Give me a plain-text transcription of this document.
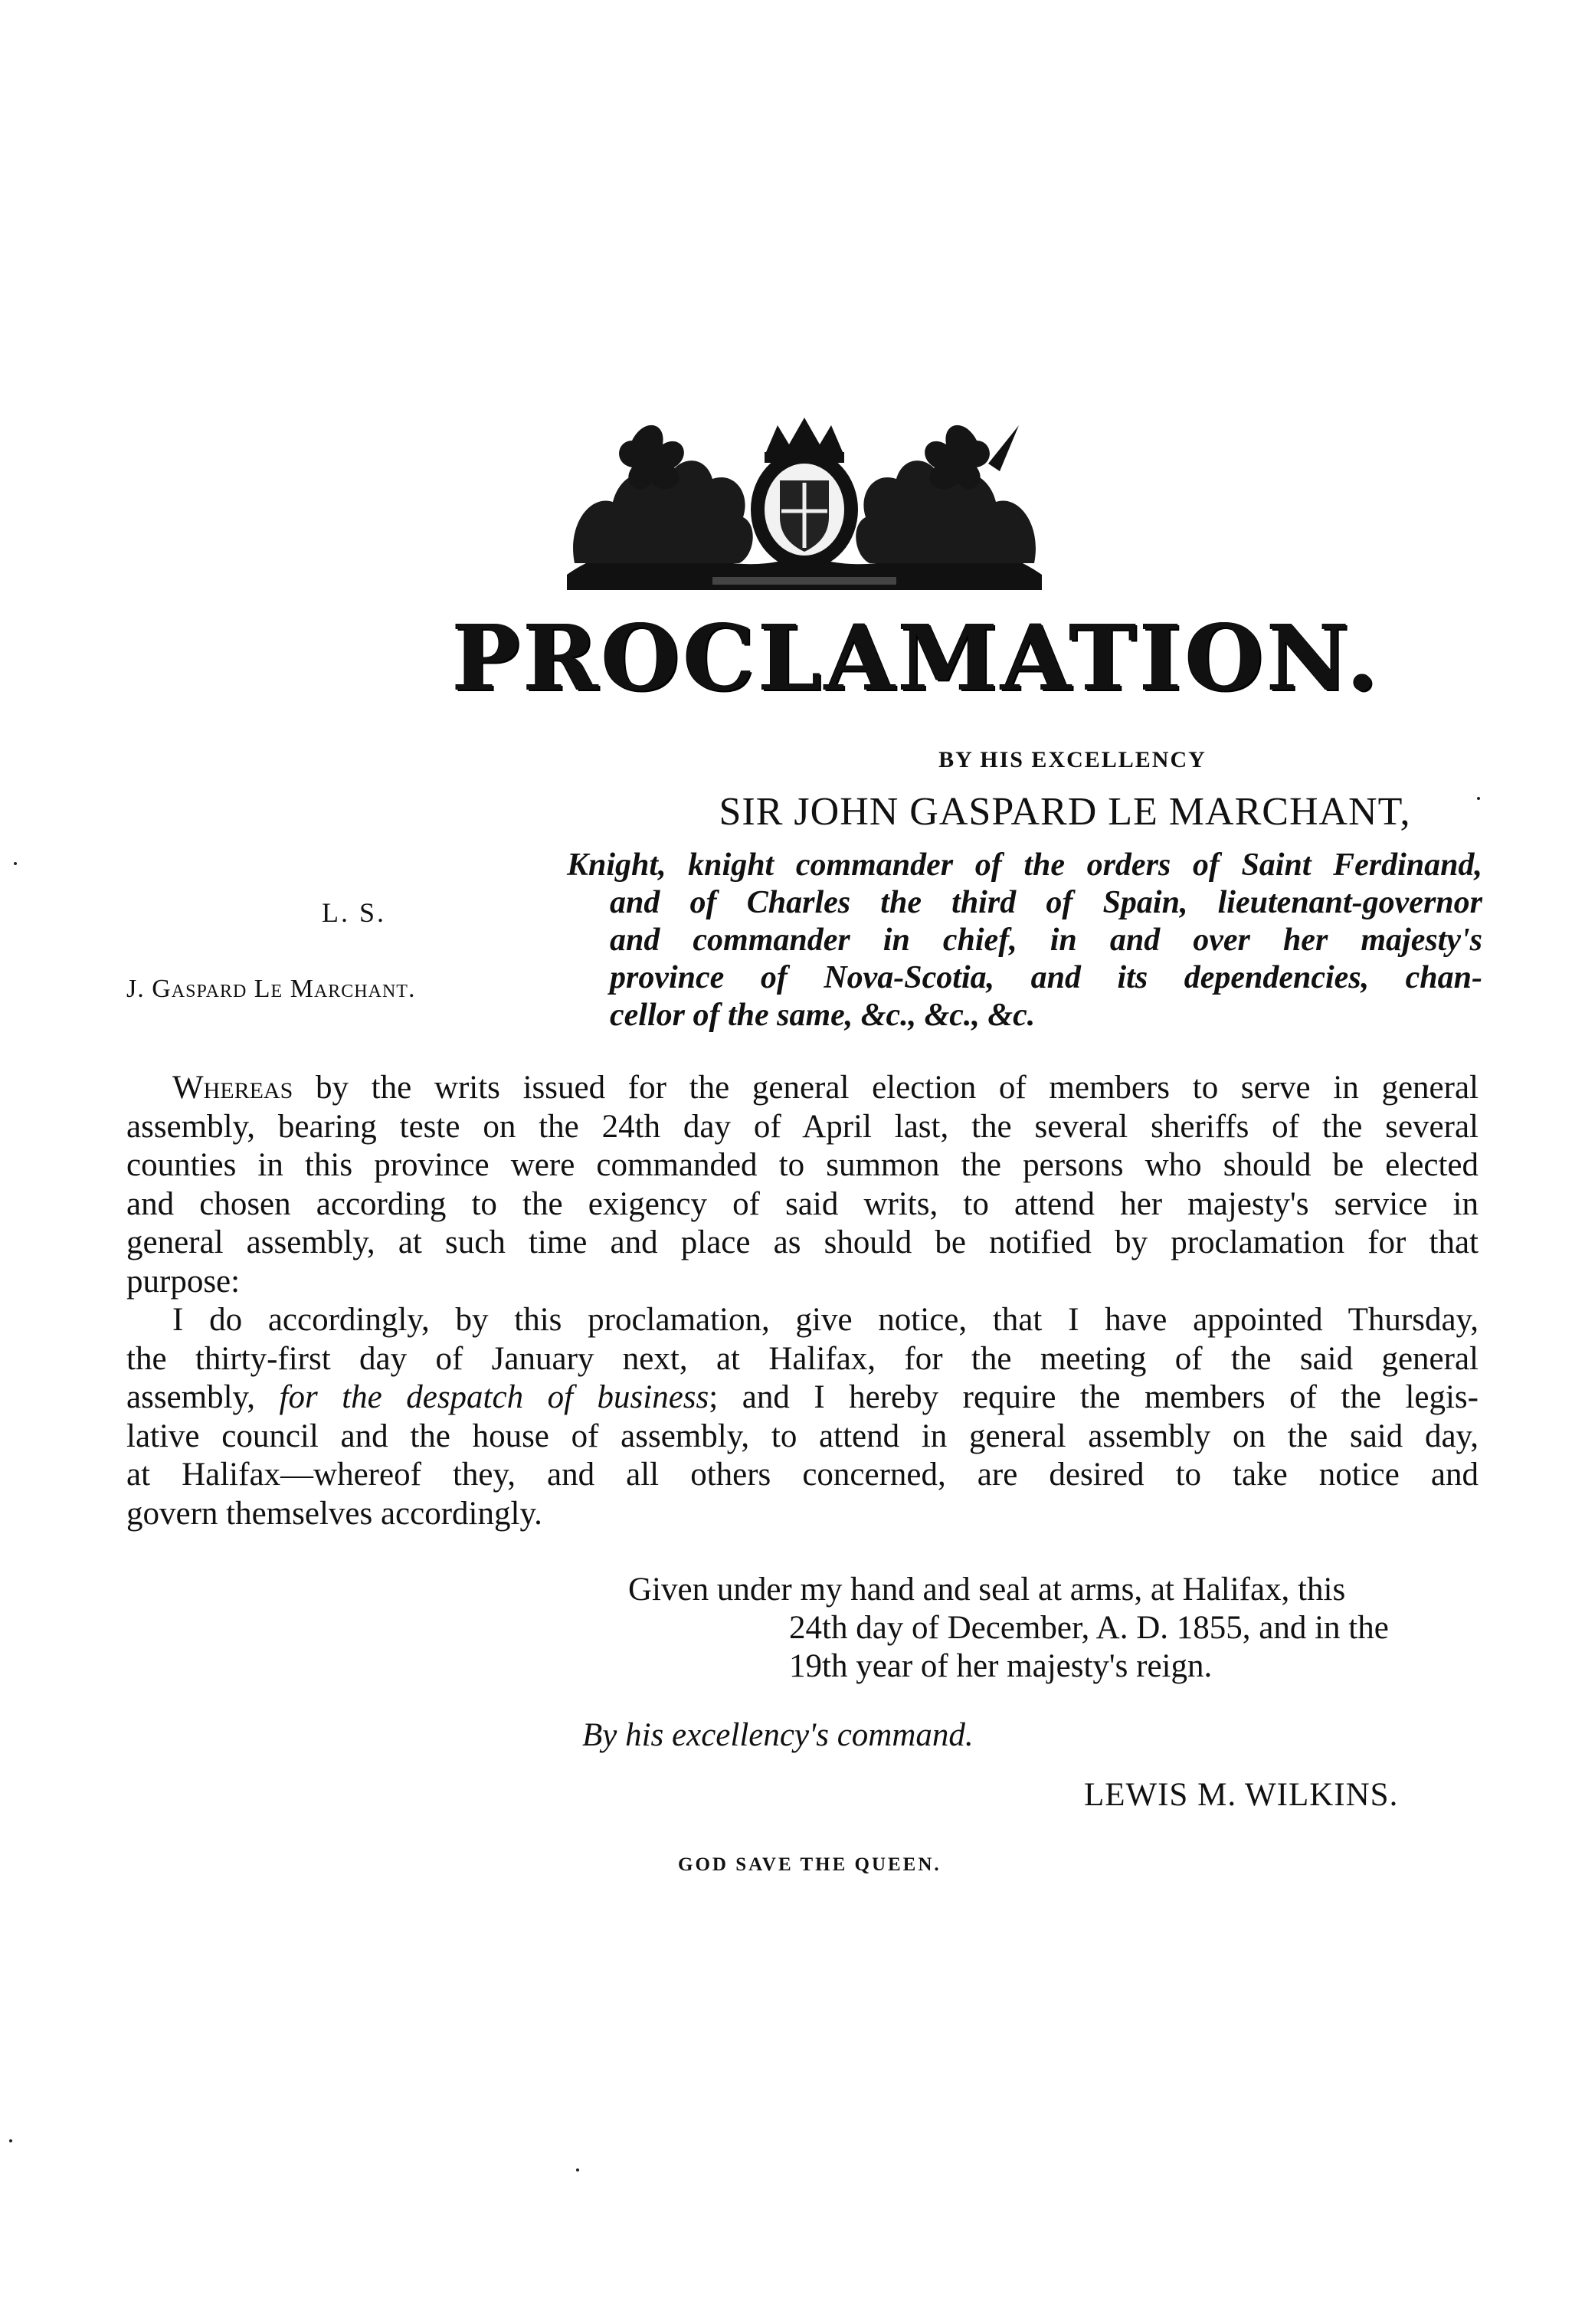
PROCLAMATION.
BY HIS EXCELLENCY
SIR JOHN GASPARD LE MARCHANT,
Knight, knight commander of the orders of Saint Ferdinand,
and of Charles the third of Spain, lieutenant-governor
and commander in chief, in and over her majesty's
province of Nova-Scotia, and its dependencies, chan-
cellor of the same, &c., &c., &c.
L. S.
J. Gaspard Le Marchant.
Whereas by the writs issued for the general election of members to serve in general
assembly, bearing teste on the 24th day of April last, the several sheriffs of the several
counties in this province were commanded to summon the persons who should be elected
and chosen according to the exigency of said writs, to attend her majesty's service in
general assembly, at such time and place as should be notified by proclamation for that
purpose:
I do accordingly, by this proclamation, give notice, that I have appointed Thursday,
the thirty-first day of January next, at Halifax, for the meeting of the said general
assembly, for the despatch of business; and I hereby require the members of the legis-
lative council and the house of assembly, to attend in general assembly on the said day,
at Halifax—whereof they, and all others concerned, are desired to take notice and
govern themselves accordingly.
Given under my hand and seal at arms, at Halifax, this
24th day of December, A. D. 1855, and in the
19th year of her majesty's reign.
By his excellency's command.
LEWIS M. WILKINS.
GOD SAVE THE QUEEN.
